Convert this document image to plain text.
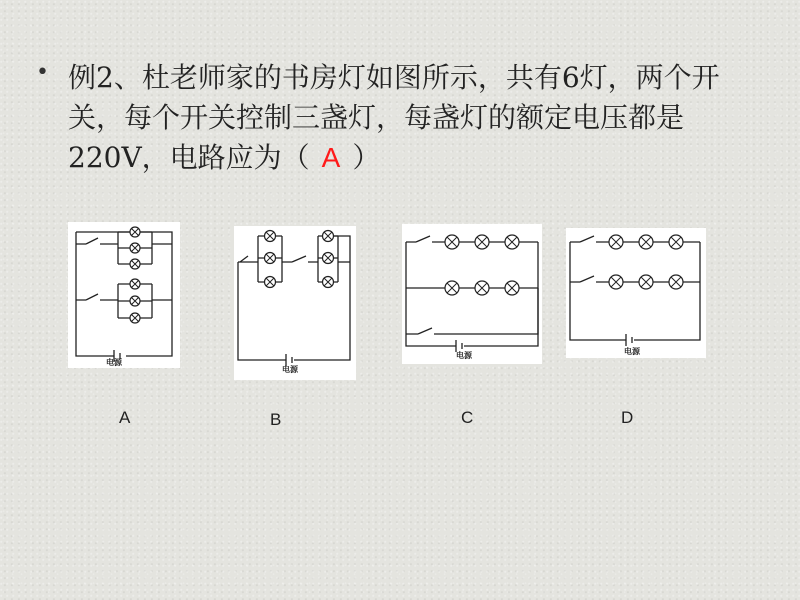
• 例2、杜老师家的书房灯如图所示，共有6灯，两个开关，每个开关控制三盏灯，每盏灯的额定电压都是220V，电路应为（ A ）
电源
电源
电源	电源
A	B	C	D
